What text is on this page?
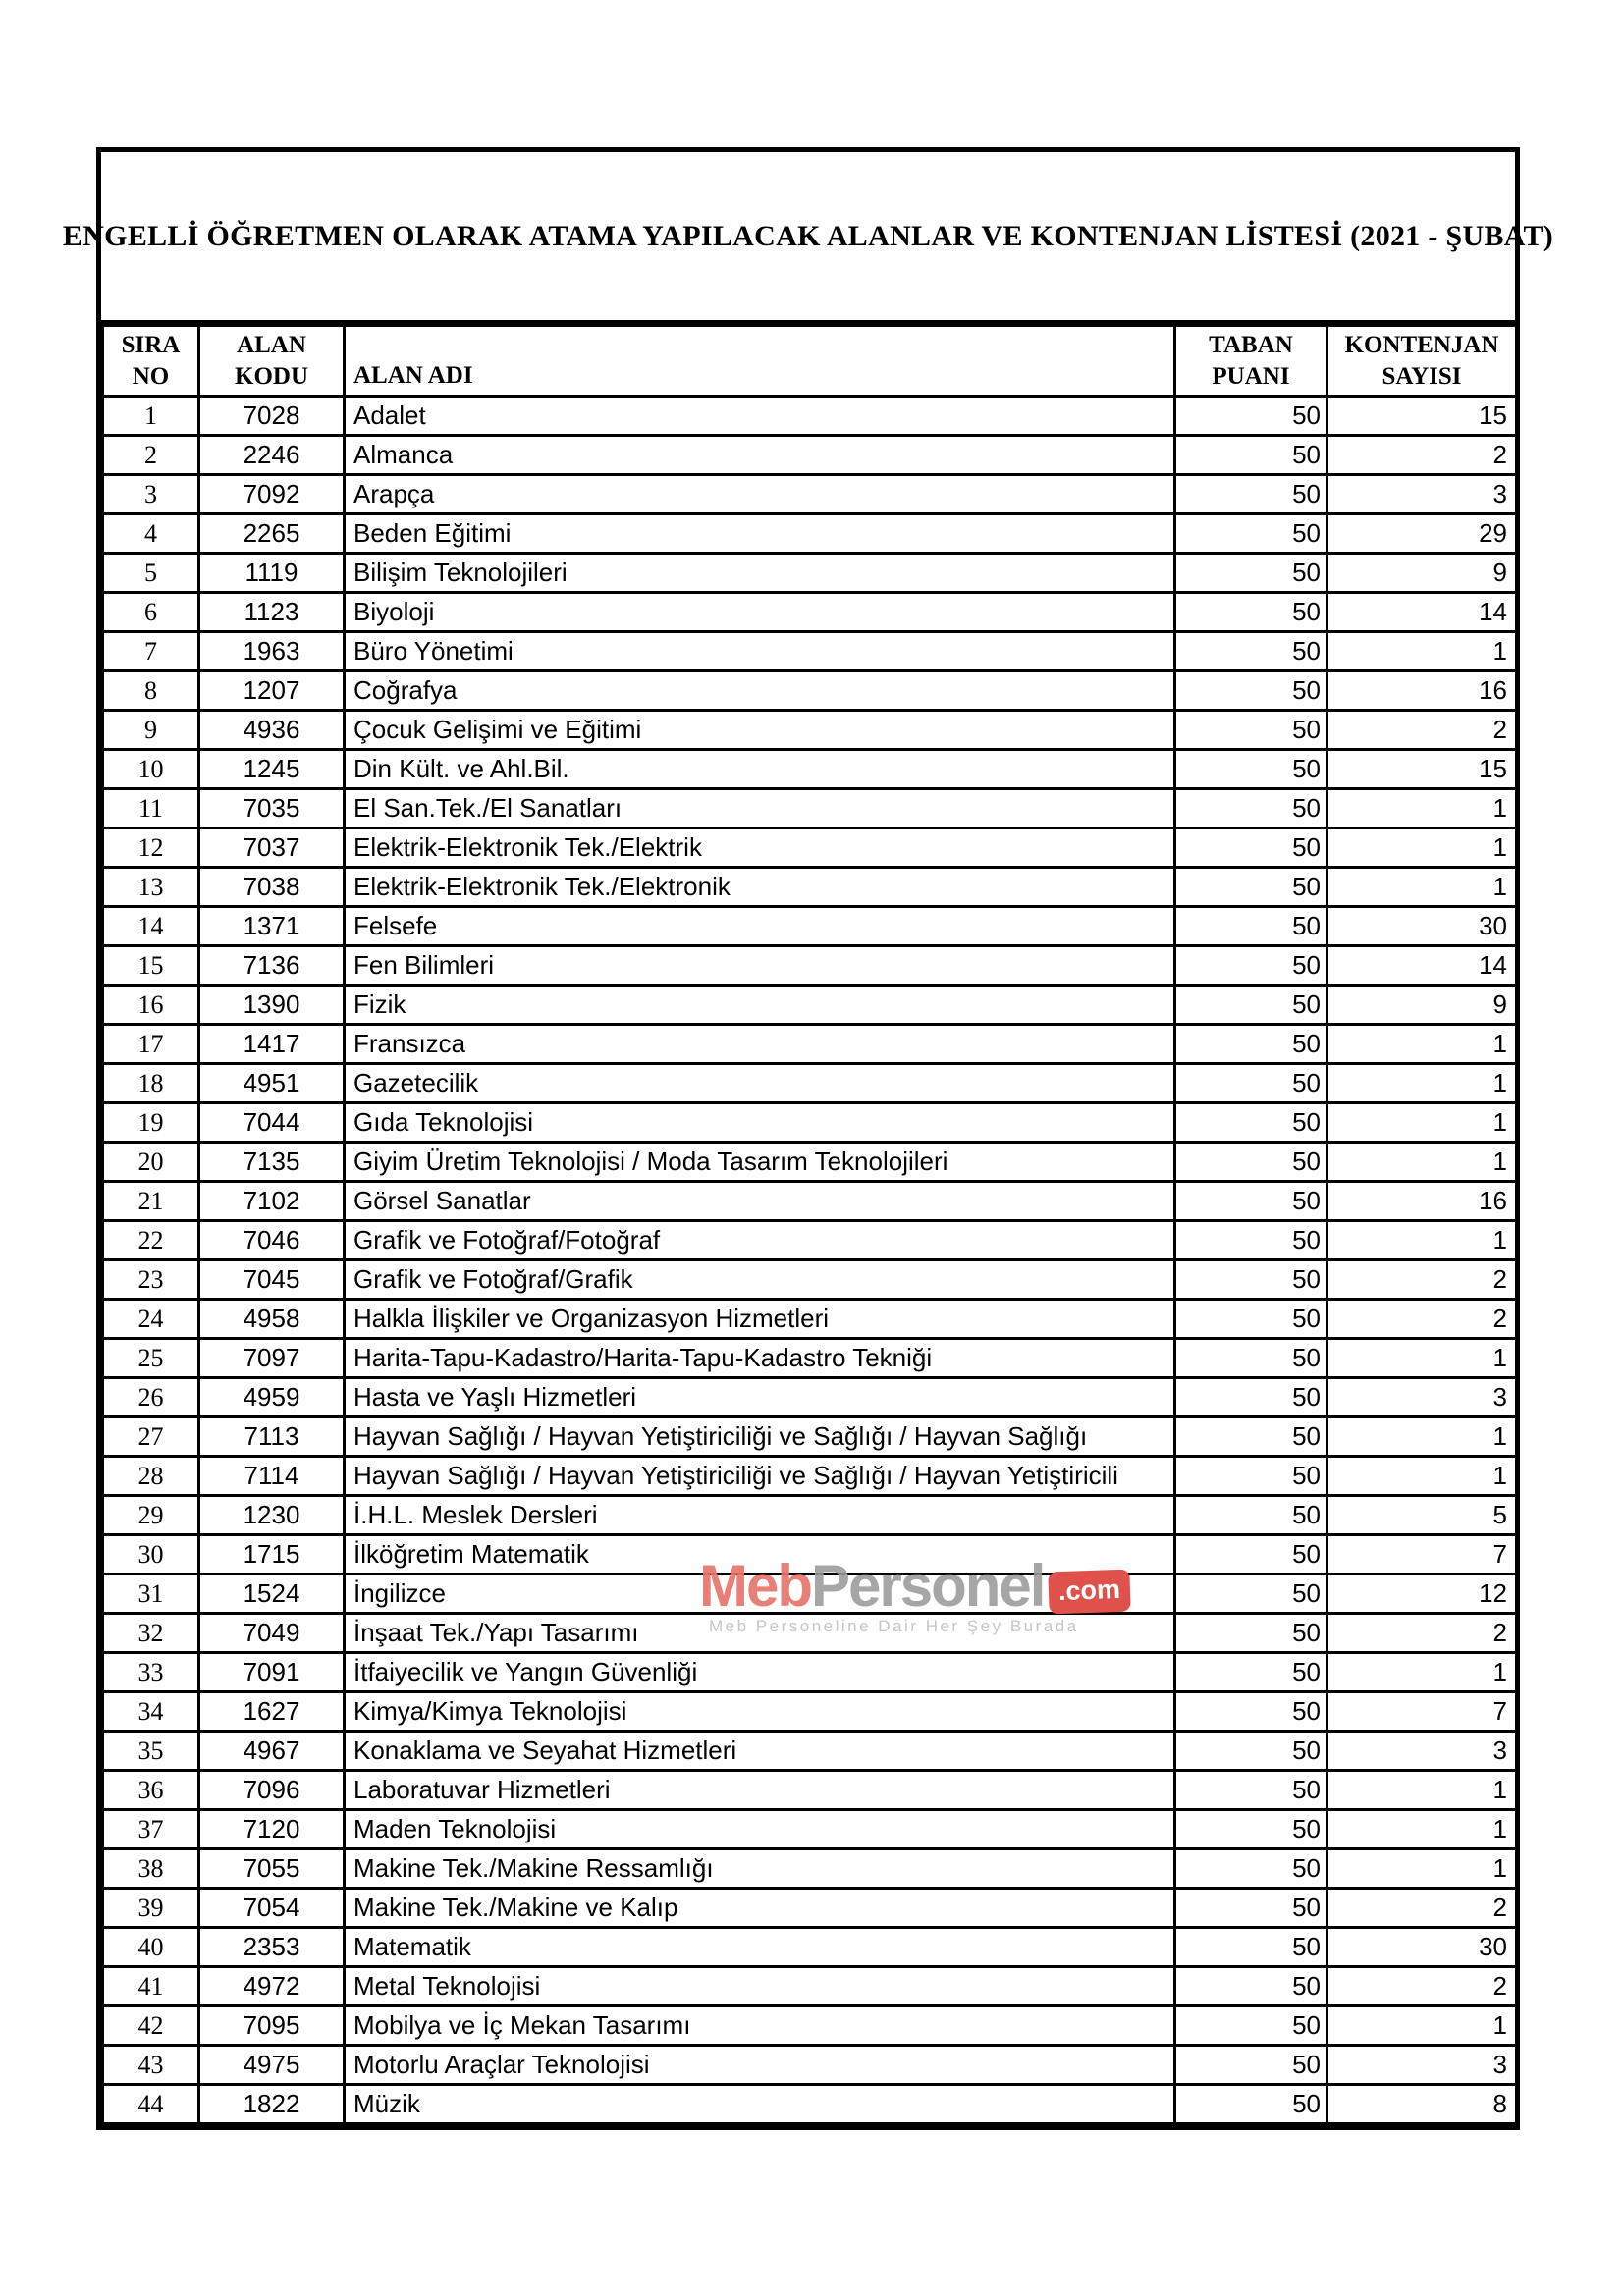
ENGELLİ ÖĞRETMEN OLARAK ATAMA YAPILACAK ALANLAR VE KONTENJAN LİSTESİ (2021 - ŞUBAT)
SIRA NO	ALAN KODU	ALAN ADI	TABAN PUANI	KONTENJAN SAYISI
1	7028	Adalet	50	15
2	2246	Almanca	50	2
3	7092	Arapça	50	3
4	2265	Beden Eğitimi	50	29
5	1119	Bilişim Teknolojileri	50	9
6	1123	Biyoloji	50	14
7	1963	Büro Yönetimi	50	1
8	1207	Coğrafya	50	16
9	4936	Çocuk Gelişimi ve Eğitimi	50	2
10	1245	Din Kült. ve Ahl.Bil.	50	15
11	7035	El San.Tek./El Sanatları	50	1
12	7037	Elektrik-Elektronik Tek./Elektrik	50	1
13	7038	Elektrik-Elektronik Tek./Elektronik	50	1
14	1371	Felsefe	50	30
15	7136	Fen Bilimleri	50	14
16	1390	Fizik	50	9
17	1417	Fransızca	50	1
18	4951	Gazetecilik	50	1
19	7044	Gıda Teknolojisi	50	1
20	7135	Giyim Üretim Teknolojisi / Moda Tasarım Teknolojileri	50	1
21	7102	Görsel Sanatlar	50	16
22	7046	Grafik ve Fotoğraf/Fotoğraf	50	1
23	7045	Grafik ve Fotoğraf/Grafik	50	2
24	4958	Halkla İlişkiler ve Organizasyon Hizmetleri	50	2
25	7097	Harita-Tapu-Kadastro/Harita-Tapu-Kadastro Tekniği	50	1
26	4959	Hasta ve Yaşlı Hizmetleri	50	3
27	7113	Hayvan Sağlığı / Hayvan Yetiştiriciliği ve Sağlığı / Hayvan Sağlığı	50	1
28	7114	Hayvan Sağlığı / Hayvan Yetiştiriciliği ve Sağlığı / Hayvan Yetiştiricili	50	1
29	1230	İ.H.L. Meslek Dersleri	50	5
30	1715	İlköğretim Matematik	50	7
31	1524	İngilizce	50	12
32	7049	İnşaat Tek./Yapı Tasarımı	50	2
33	7091	İtfaiyecilik ve Yangın Güvenliği	50	1
34	1627	Kimya/Kimya Teknolojisi	50	7
35	4967	Konaklama ve Seyahat Hizmetleri	50	3
36	7096	Laboratuvar Hizmetleri	50	1
37	7120	Maden Teknolojisi	50	1
38	7055	Makine Tek./Makine Ressamlığı	50	1
39	7054	Makine Tek./Makine ve Kalıp	50	2
40	2353	Matematik	50	30
41	4972	Metal Teknolojisi	50	2
42	7095	Mobilya ve İç Mekan Tasarımı	50	1
43	4975	Motorlu Araçlar Teknolojisi	50	3
44	1822	Müzik	50	8
Meb Personel .com
Meb Personeline Dair Her Şey Burada
